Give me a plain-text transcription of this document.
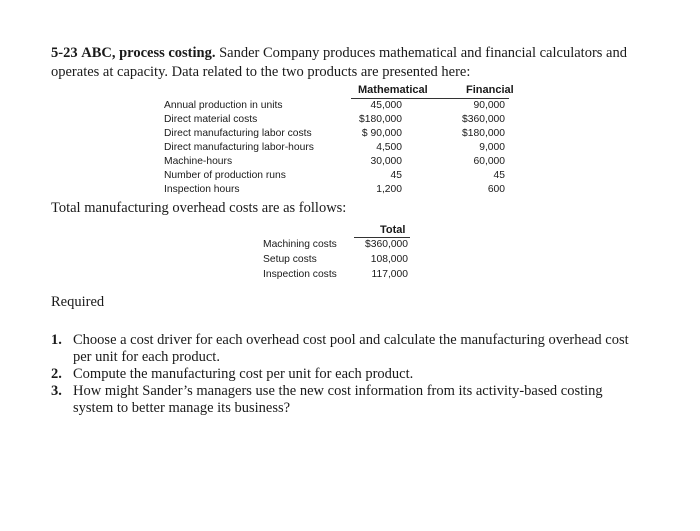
5-23 ABC, process costing. Sander Company produces mathematical and financial calculators and operates at capacity. Data related to the two products are presented here:

Mathematical	Financial
Annual production in units	45,000	90,000
Direct material costs	$180,000	$360,000
Direct manufacturing labor costs	$ 90,000	$180,000
Direct manufacturing labor-hours	4,500	9,000
Machine-hours	30,000	60,000
Number of production runs	45	45
Inspection hours	1,200	600
Total manufacturing overhead costs are as follows:
Total
Machining costs	$360,000
Setup costs	108,000
Inspection costs	117,000
Required

1. Choose a cost driver for each overhead cost pool and calculate the manufacturing overhead cost per unit for each product.

2. Compute the manufacturing cost per unit for each product.

3. How might Sander’s managers use the new cost information from its activity-based costing system to better manage its business?
